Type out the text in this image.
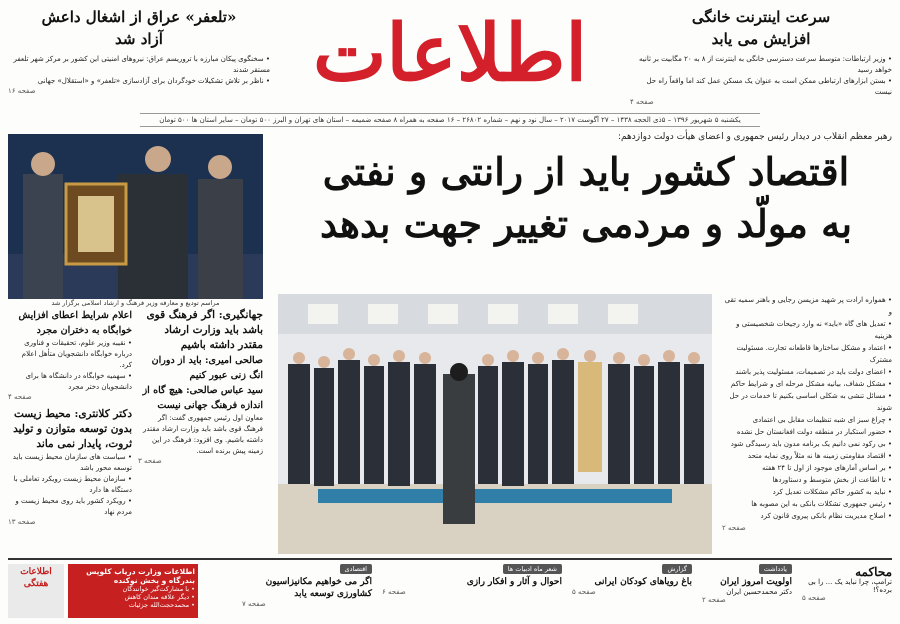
سرعت اینترنت خانگی
افزایش می یابد
• وزیر ارتباطات: متوسط سرعت دسترسی خانگی به اینترنت از ۸ به ۲۰ مگابیت بر ثانیه خواهد رسید
• بستن ابزارهای ارتباطی ممکن است به عنوان یک مسکن عمل کند اما واقعاً راه حل نیست
صفحه ۴
اطلاعات
«تلعفر» عراق از اشغال داعش
آزاد شد
• سخنگوی پیکان مبارزه با تروریسم عراق: نیروهای امنیتی این کشور بر مرکز شهر تلعفر مستقر شدند
• ناظر بر تلاش تشکیلات خودگردان برای آزادسازی «تلعفر» و «استقلال» جهانی
صفحه ۱۶
یکشنبه ۵ شهریور ۱۳۹۶ – ۵ذی الحجه ۱۴۳۸ – ۲۷ آگوست ۲۰۱۷ – سال نود و نهم – شماره ۲۶۸۰۲ – ۱۶ صفحه به همراه ۸ صفحه ضمیمه – استان های تهران و البرز ۵۰۰ تومان – سایر استان ها ۵۰۰ تومان
رهبر معظم انقلاب در دیدار رئیس جمهوری و اعضای هیأت دولت دوازدهم:
اقتصاد کشور باید از رانتی و نفتی
به مولّد و مردمی تغییر جهت بدهد
• همواره ارادت پر شهید مزیسن رجایی و باهنر سمیه تقی و
• تعدیل های گاه «باید» نه وارد رجیحات شخصیستی و هزینیه
• اعتماد و مشکل ساختارها قاطعانه تجارت. مسئولیت مشترک
• اعضای دولت باید در تصمیمات، مسئولیت پذیر باشند
• مشکل شفاف، بیانیه مشکل مرحله ای و شرایط حاکم
• مسائل تنشی به شکلی اساسی بکنیم تا خدمات در حل شوند
• چراغ سبز ای شبه تنظیمات مقابل بی اعتمادی
• حضور استکبار در منطقه دولت افغانستان حل نشده
• بی رکود نمی دانیم یک برنامه مدون باید رسیدگی شود
• اقتصاد مقاومتی زمینه ها نه مثلاً روی نمایه متحد
• بر اساس آمارهای موجود از اول تا ۲۴ هفته
• تا اطاعت از بخش متوسط و دستاوردها
• نباید به کشور حاکم مشکلات تعدیل کرد
• رئیس جمهوری تشکلات بانکی به این مصوبه ها
• اصلاح مدیریت نظام بانکی پیروی قانون کرد
صفحه ۲
مراسم تودیع و معارفه وزیر فرهنگ و ارشاد اسلامی برگزار شد
جهانگیری: اگر فرهنگ قوی باشد باید وزارت ارشاد مقتدر داشته باشیم
صالحی امیری: باید از دوران انگ زنی عبور کنیم
سید عباس صالحی: هیچ گاه از اندازه فرهنگ جهانی نیست
معاون اول رئیس جمهوری گفت: اگر فرهنگ قوی باشد باید وزارت ارشاد مقتدر داشته باشیم. وی افزود: فرهنگ در این زمینه پیش برنده است.
صفحه ۳
اعلام شرایط اعطای افزایش خوابگاه به دختران مجرد
• نقیبه وزیر علوم، تحقیقات و فناوری درباره خوابگاه دانشجویان متأهل اعلام کرد.
• سهمیه خوابگاه در دانشگاه ها برای دانشجویان دختر مجرد
صفحه ۴
دکتر کلانتری: محیط زیست بدون توسعه متوازن و تولید ثروت، پایدار نمی ماند
• سیاست های سازمان محیط زیست باید توسعه محور باشد
• سازمان محیط زیست رویکرد تعاملی با دستگاه ها دارد
• رویکرد کشور باید روی محیط زیست و مردم نهاد
صفحه ۱۳
محاکمه
ترامپ، چرا نباید یک ... را بی برده؟!
صفحه ۵
یادداشت
اولویت امروز ایران
دکتر محمدحسین ایران
صفحه ۲
گزارش
باغ رویاهای کودکان ایرانی
صفحه ۵
شعر ماه ادبیات ها
احوال و آثار و افکار رازی
صفحه ۶
اقتصادی
اگر می خواهیم مکانیزاسیون کشاورزی توسعه یابد
صفحه ۷
اطلاعات وزارت دریاب کلوپس بندرگاه و بخش نوکنده
• با مشارکت‌گیر خوانندگان
• دیگر علاقه مندان کاهش
• محمدحجت‌الله جزئیات
اطلاعات هفتگی
